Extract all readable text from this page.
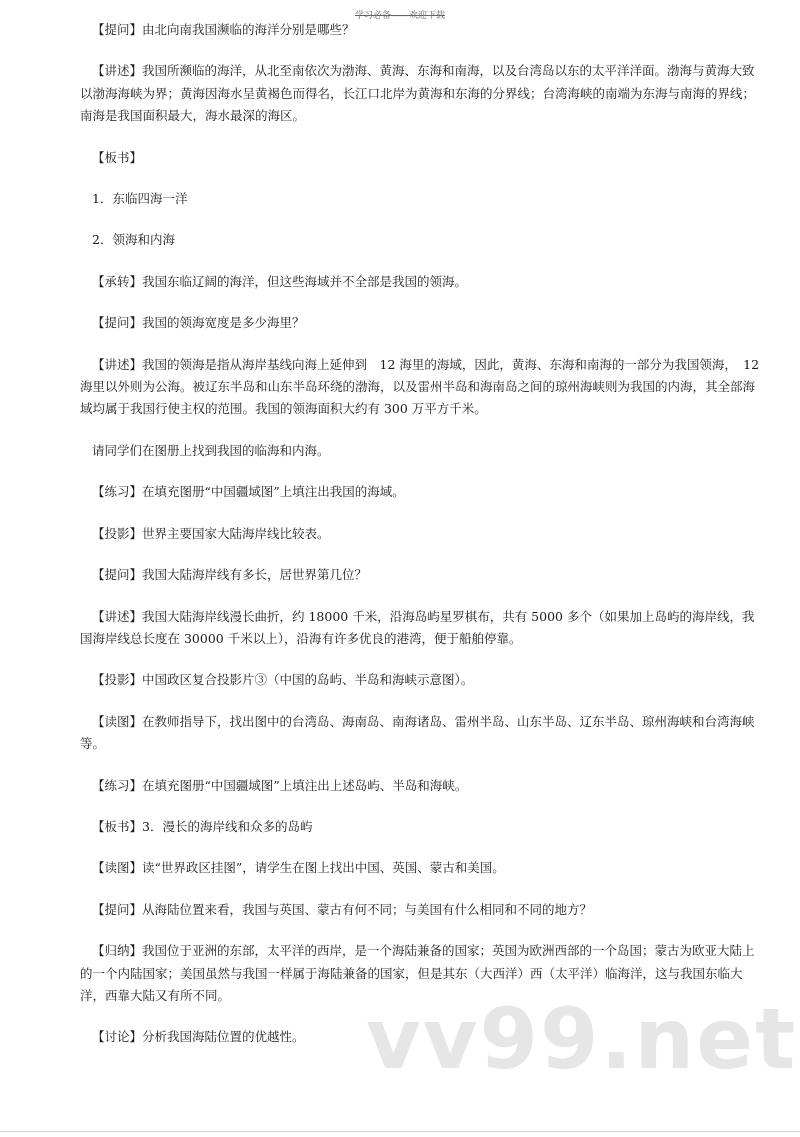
学习必备——欢迎下载

【提问】由北向南我国濒临的海洋分别是哪些？

【讲述】我国所濒临的海洋，从北至南依次为渤海、黄海、东海和南海，以及台湾岛以东的太平洋洋面。渤海与黄海大致以渤海海峡为界；黄海因海水呈黄褐色而得名，长江口北岸为黄海和东海的分界线；台湾海峡的南端为东海与南海的界线；南海是我国面积最大，海水最深的海区。

【板书】

1．东临四海一洋

2．领海和内海

【承转】我国东临辽阔的海洋，但这些海域并不全部是我国的领海。

【提问】我国的领海宽度是多少海里？

【讲述】我国的领海是指从海岸基线向海上延伸到　12 海里的海域，因此，黄海、东海和南海的一部分为我国领海，　12 海里以外则为公海。被辽东半岛和山东半岛环绕的渤海，以及雷州半岛和海南岛之间的琼州海峡则为我国的内海，其全部海域均属于我国行使主权的范围。我国的领海面积大约有 300 万平方千米。

请同学们在图册上找到我国的临海和内海。

【练习】在填充图册“中国疆域图”上填注出我国的海域。

【投影】世界主要国家大陆海岸线比较表。

【提问】我国大陆海岸线有多长，居世界第几位？

【讲述】我国大陆海岸线漫长曲折，约 18000 千米，沿海岛屿星罗棋布，共有 5000 多个（如果加上岛屿的海岸线，我国海岸线总长度在 30000 千米以上），沿海有许多优良的港湾，便于船舶停靠。

【投影】中国政区复合投影片③（中国的岛屿、半岛和海峡示意图）。

【读图】在教师指导下，找出图中的台湾岛、海南岛、南海诸岛、雷州半岛、山东半岛、辽东半岛、琼州海峡和台湾海峡等。

【练习】在填充图册“中国疆域图”上填注出上述岛屿、半岛和海峡。

【板书】3．漫长的海岸线和众多的岛屿

【读图】读“世界政区挂图”，请学生在图上找出中国、英国、蒙古和美国。

【提问】从海陆位置来看，我国与英国、蒙古有何不同；与美国有什么相同和不同的地方？

【归纳】我国位于亚洲的东部，太平洋的西岸，是一个海陆兼备的国家；英国为欧洲西部的一个岛国；蒙古为欧亚大陆上的一个内陆国家；美国虽然与我国一样属于海陆兼备的国家，但是其东（大西洋）西（太平洋）临海洋，这与我国东临大洋，西靠大陆又有所不同。

【讨论】分析我国海陆位置的优越性。 vv99.net
